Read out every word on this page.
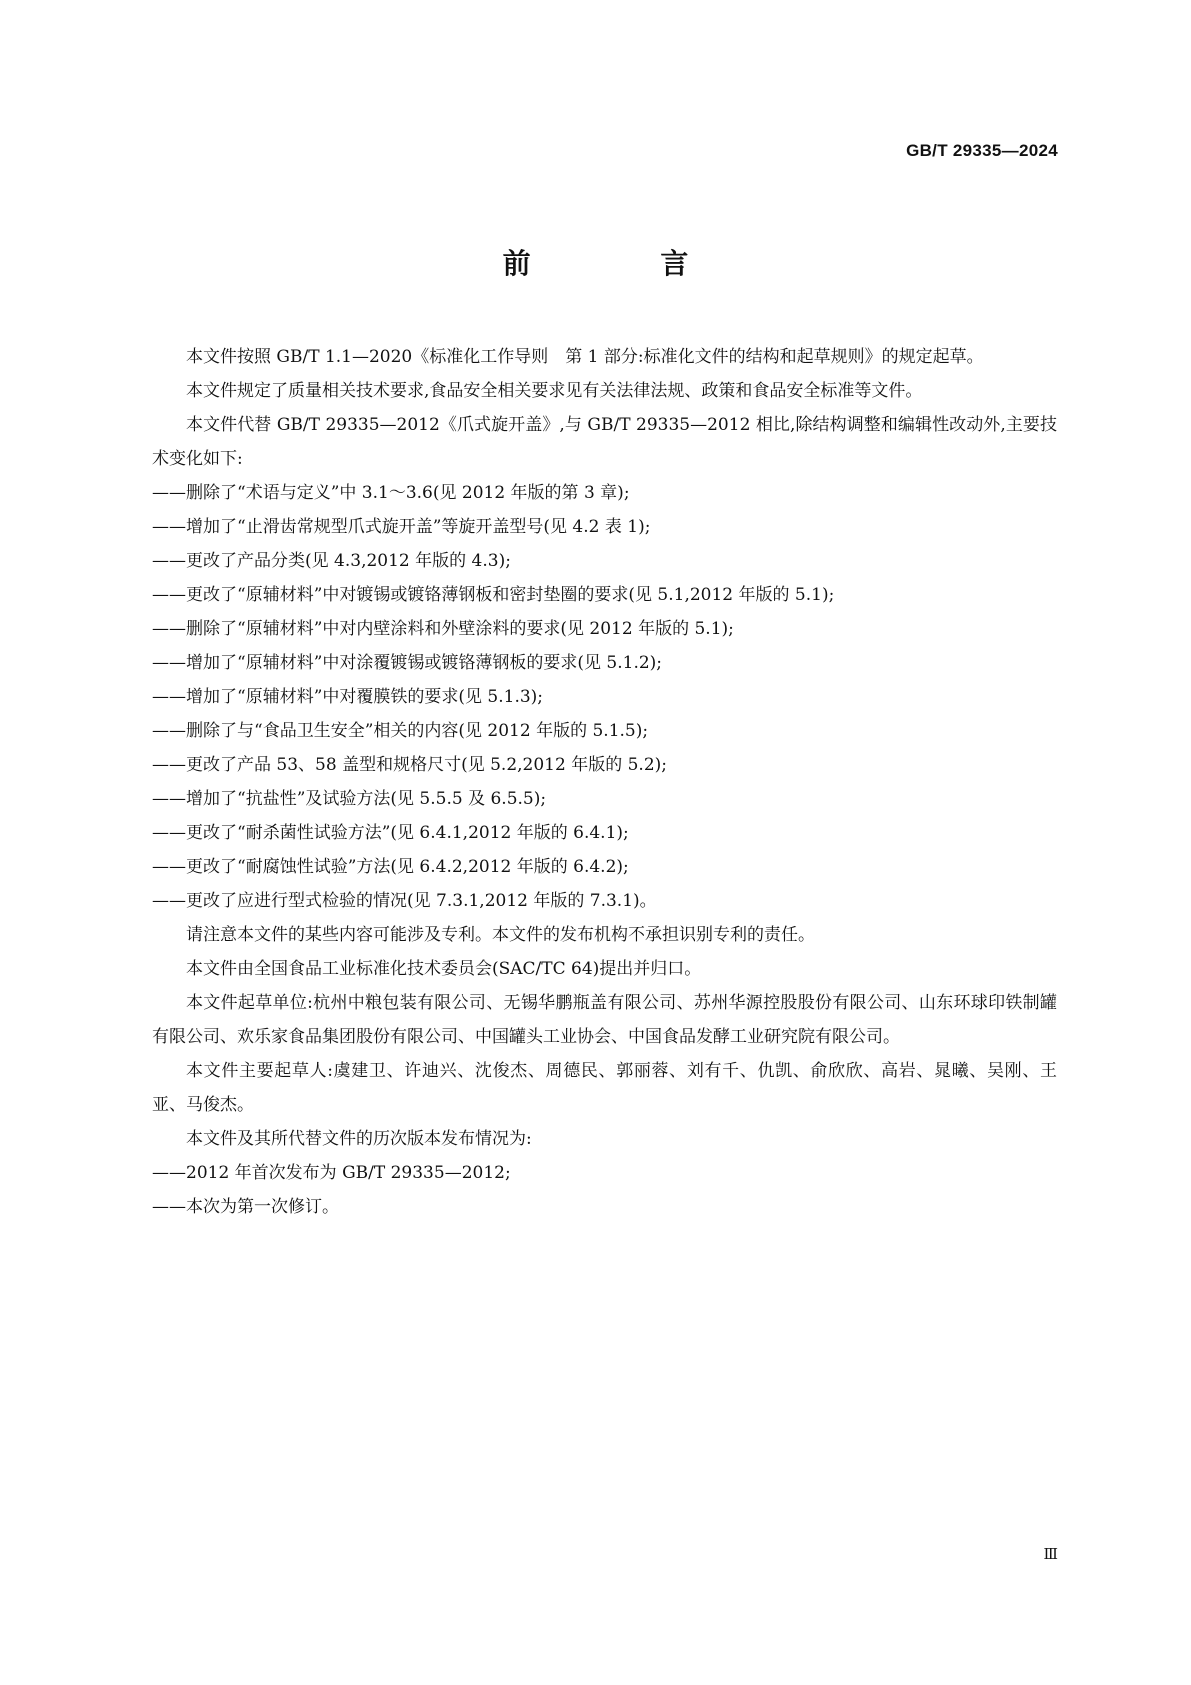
GB/T 29335—2024
前 言

本文件按照 GB/T 1.1—2020《标准化工作导则　第 1 部分:标准化文件的结构和起草规则》的规定起草。

本文件规定了质量相关技术要求,食品安全相关要求见有关法律法规、政策和食品安全标准等文件。

本文件代替 GB/T 29335—2012《爪式旋开盖》,与 GB/T 29335—2012 相比,除结构调整和编辑性改动外,主要技术变化如下:

——删除了“术语与定义”中 3.1～3.6(见 2012 年版的第 3 章);

——增加了“止滑齿常规型爪式旋开盖”等旋开盖型号(见 4.2 表 1);

——更改了产品分类(见 4.3,2012 年版的 4.3);

——更改了“原辅材料”中对镀锡或镀铬薄钢板和密封垫圈的要求(见 5.1,2012 年版的 5.1);

——删除了“原辅材料”中对内壁涂料和外壁涂料的要求(见 2012 年版的 5.1);

——增加了“原辅材料”中对涂覆镀锡或镀铬薄钢板的要求(见 5.1.2);

——增加了“原辅材料”中对覆膜铁的要求(见 5.1.3);

——删除了与“食品卫生安全”相关的内容(见 2012 年版的 5.1.5);

——更改了产品 53、58 盖型和规格尺寸(见 5.2,2012 年版的 5.2);

——增加了“抗盐性”及试验方法(见 5.5.5 及 6.5.5);

——更改了“耐杀菌性试验方法”(见 6.4.1,2012 年版的 6.4.1);

——更改了“耐腐蚀性试验”方法(见 6.4.2,2012 年版的 6.4.2);

——更改了应进行型式检验的情况(见 7.3.1,2012 年版的 7.3.1)。

请注意本文件的某些内容可能涉及专利。本文件的发布机构不承担识别专利的责任。

本文件由全国食品工业标准化技术委员会(SAC/TC 64)提出并归口。

本文件起草单位:杭州中粮包装有限公司、无锡华鹏瓶盖有限公司、苏州华源控股股份有限公司、山东环球印铁制罐有限公司、欢乐家食品集团股份有限公司、中国罐头工业协会、中国食品发酵工业研究院有限公司。

本文件主要起草人:虞建卫、许迪兴、沈俊杰、周德民、郭丽蓉、刘有千、仇凯、俞欣欣、高岩、晁曦、吴刚、王亚、马俊杰。

本文件及其所代替文件的历次版本发布情况为:

——2012 年首次发布为 GB/T 29335—2012;

——本次为第一次修订。

Ⅲ
